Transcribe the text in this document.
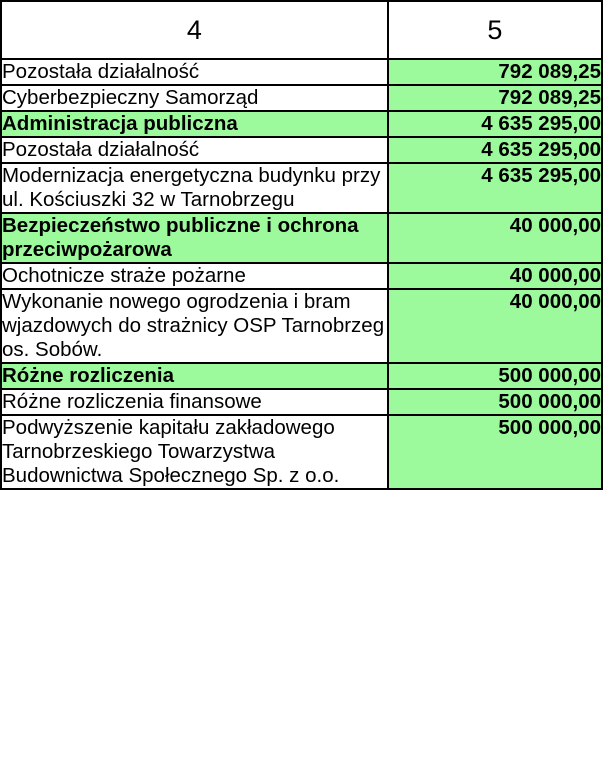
4	5
Pozostała działalność	792 089,25
Cyberbezpieczny Samorząd	792 089,25
Administracja publiczna	4 635 295,00
Pozostała działalność	4 635 295,00
Modernizacja energetyczna budynku przy ul. Kościuszki 32 w Tarnobrzegu	4 635 295,00
Bezpieczeństwo publiczne i ochrona przeciwpożarowa	40 000,00
Ochotnicze straże pożarne	40 000,00
Wykonanie nowego ogrodzenia i bram wjazdowych do strażnicy OSP Tarnobrzeg os. Sobów.	40 000,00
Różne rozliczenia	500 000,00
Różne rozliczenia finansowe	500 000,00
Podwyższenie kapitału zakładowego Tarnobrzeskiego Towarzystwa Budownictwa Społecznego Sp. z o.o.	500 000,00
